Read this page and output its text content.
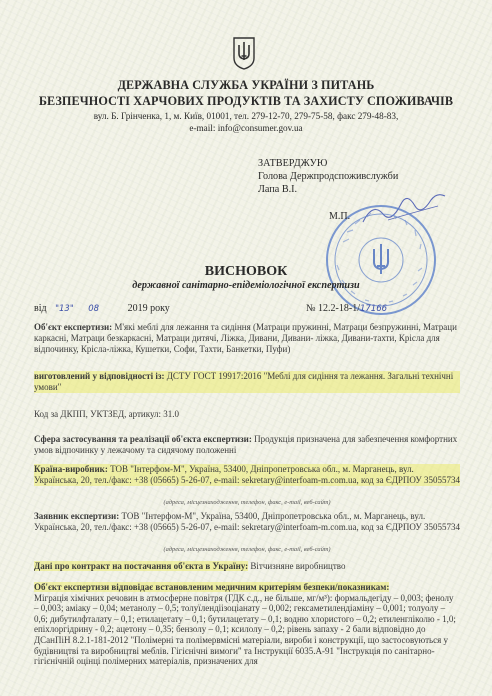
ДЕРЖАВНА СЛУЖБА УКРАЇНИ З ПИТАНЬ
БЕЗПЕЧНОСТІ ХАРЧОВИХ ПРОДУКТІВ ТА ЗАХИСТУ СПОЖИВАЧІВ
вул. Б. Грінченка, 1, м. Київ, 01001, тел. 279-12-70, 279-75-58, факс 279-48-83,
e-mail: info@consumer.gov.ua
ЗАТВЕРДЖУЮ
Голова Держпродспоживслужби
Лапа В.І.
М.П.
ВИСНОВОК
державної санітарно-епідеміологічної експертизи
від "13" 08	2019 року	№ 12.2-18-1/17166
Об'єкт експертизи: М'які меблі для лежання та сидіння (Матраци пружинні, Матраци безпружинні, Матраци каркасні, Матраци безкаркасні, Матраци дитячі, Ліжка, Дивани, Дивани- ліжка, Дивани-тахти, Крісла для відпочинку, Крісла-ліжка, Кушетки, Софи, Тахти, Банкетки, Пуфи)
виготовлений у відповідності із: ДСТУ ГОСТ 19917:2016 "Меблі для сидіння та лежання. Загальні технічні умови"
Код за ДКПП, УКТЗЕД, артикул: 31.0
Сфера застосування та реалізації об'єкта експертизи: Продукція призначена для забезпечення комфортних умов відпочинку у лежачому та сидячому положенні
Країна-виробник: ТОВ "Інтерфом-М", Україна, 53400, Дніпропетровська обл., м. Марганець, вул. Українська, 20, тел./факс: +38 (05665) 5-26-07, e-mail: sekretary@interfoam-m.com.ua, код за ЄДРПОУ 35055734
(адреса, місцезнаходження, телефон, факс, e-mail, веб-сайт)
Заявник експертизи: ТОВ "Інтерфом-М", Україна, 53400, Дніпропетровська обл., м. Марганець, вул. Українська, 20, тел./факс: +38 (05665) 5-26-07, e-mail: sekretary@interfoam-m.com.ua, код за ЄДРПОУ 35055734
(адреса, місцезнаходження, телефон, факс, e-mail, веб-сайт)
Дані про контракт на постачання об'єкта в Україну: Вітчизняне виробництво
Об'єкт експертизи відповідає встановленим медичним критеріям безпеки/показникам:
Міграція хімічних речовин в атмосферне повітря (ГДК с.д., не більше, мг/м³): формальдегіду – 0,003; фенолу – 0,003; аміаку – 0,04; метанолу – 0,5; толуїлендіізоціанату – 0,002; гексаметилендіаміну – 0,001; толуолу – 0,6; дибутилфталату – 0,1; етилацетату – 0,1; бутилацетату – 0,1; водню хлористого – 0,2; етиленгліколю - 1,0; епіхлоргідрину - 0,2; ацетону – 0,35; бензолу – 0,1; ксилолу – 0,2; рівень запаху - 2 бали відповідно до ДСанПіН 8.2.1-181-2012 "Полімерні та полімервмісні матеріали, вироби і конструкції, що застосовуються у будівництві та виробництві меблів. Гігієнічні вимоги" та Інструкції 6035.А-91 "Інструкція по санітарно-гігієнічній оцінці полімерних матеріалів, призначених для
